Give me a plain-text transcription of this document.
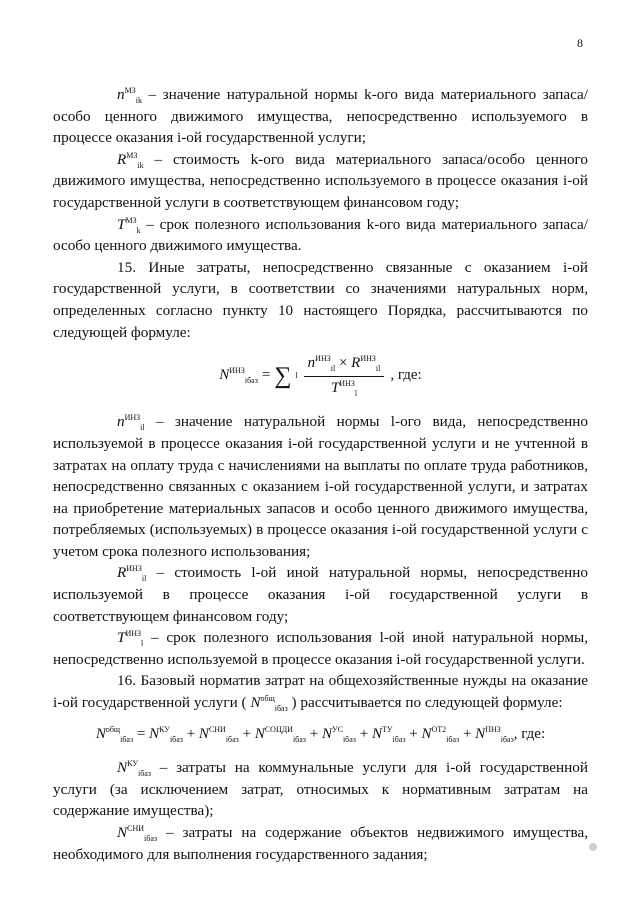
8

$n^{МЗ}_{ik}$ – значение натуральной нормы k-ого вида материального запаса/особо ценного движимого имущества, непосредственно используемого в процессе оказания i-ой государственной услуги;

$R^{МЗ}_{ik}$ – стоимость k-ого вида материального запаса/особо ценного движимого имущества, непосредственно используемого в процессе оказания i-ой государственной услуги в соответствующем финансовом году;

$T^{МЗ}_k$ – срок полезного использования k-ого вида материального запаса/особо ценного движимого имущества.

15. Иные затраты, непосредственно связанные с оказанием i-ой государственной услуги, в соответствии со значениями натуральных норм, определенных согласно пункту 10 настоящего Порядка, рассчитываются по следующей формуле:

$N^{ИНЗ}_{iбаз}$ = ∑ l $\frac{n^{ИНЗ}_{il} \times R^{ИНЗ}_{il}}{T^{ИНЗ}_l}$ , где:

$n^{ИНЗ}_{il}$ – значение натуральной нормы l-ого вида, непосредственно используемой в процессе оказания i-ой государственной услуги и не учтенной в затратах на оплату труда с начислениями на выплаты по оплате труда работников, непосредственно связанных с оказанием i-ой государственной услуги, и затратах на приобретение материальных запасов и особо ценного движимого имущества, потребляемых (используемых) в процессе оказания i-ой государственной услуги с учетом срока полезного использования;

$R^{ИНЗ}_{il}$ – стоимость l-ой иной натуральной нормы, непосредственно используемой в процессе оказания i-ой государственной услуги в соответствующем финансовом году;

$T^{ИНЗ}_l$ – срок полезного использования l-ой иной натуральной нормы, непосредственно используемой в процессе оказания i-ой государственной услуги.

16. Базовый норматив затрат на общехозяйственные нужды на оказание i-ой государственной услуги ( $N^{общ}_{iбаз}$ ) рассчитывается по следующей формуле:

$N^{общ}_{iбаз} = N^{КУ}_{iбаз} + N^{СНИ}_{iбаз} + N^{СОЦДИ}_{iбаз} + N^{УС}_{iбаз} + N^{ТУ}_{iбаз} + N^{ОТ2}_{iбаз} + N^{ПНЗ}_{iбаз}$, где:

$N^{КУ}_{iбаз}$ – затраты на коммунальные услуги для i-ой государственной услуги (за исключением затрат, относимых к нормативным затратам на содержание имущества);

$N^{СНИ}_{iбаз}$ – затраты на содержание объектов недвижимого имущества, необходимого для выполнения государственного задания;
